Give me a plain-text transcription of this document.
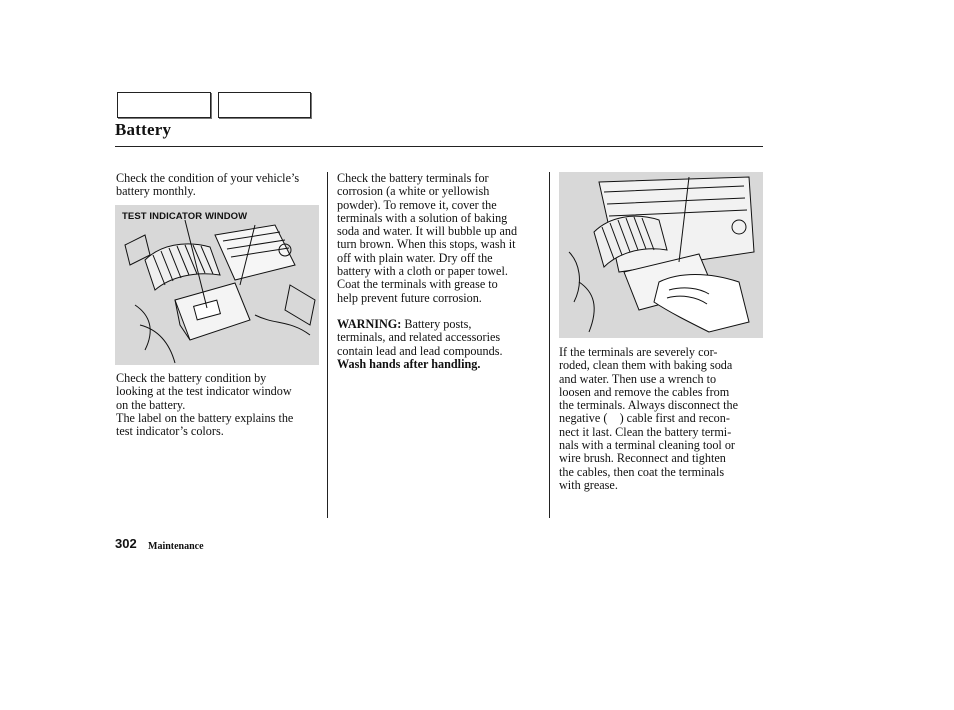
Battery

Check the condition of your vehicle’s
battery monthly.

TEST INDICATOR WINDOW

Check the battery condition by
looking at the test indicator window
on the battery.
The label on the battery explains the
test indicator’s colors.

Check the battery terminals for
corrosion (a white or yellowish
powder). To remove it, cover the
terminals with a solution of baking
soda and water. It will bubble up and
turn brown. When this stops, wash it
off with plain water. Dry off the
battery with a cloth or paper towel.
Coat the terminals with grease to
help prevent future corrosion.

WARNING: Battery posts,
terminals, and related accessories
contain lead and lead compounds.
Wash hands after handling.

If the terminals are severely cor-
roded, clean them with baking soda
and water. Then use a wrench to
loosen and remove the cables from
the terminals. Always disconnect the
negative (  ) cable first and recon-
nect it last. Clean the battery termi-
nals with a terminal cleaning tool or
wire brush. Reconnect and tighten
the cables, then coat the terminals
with grease.

302 Maintenance
